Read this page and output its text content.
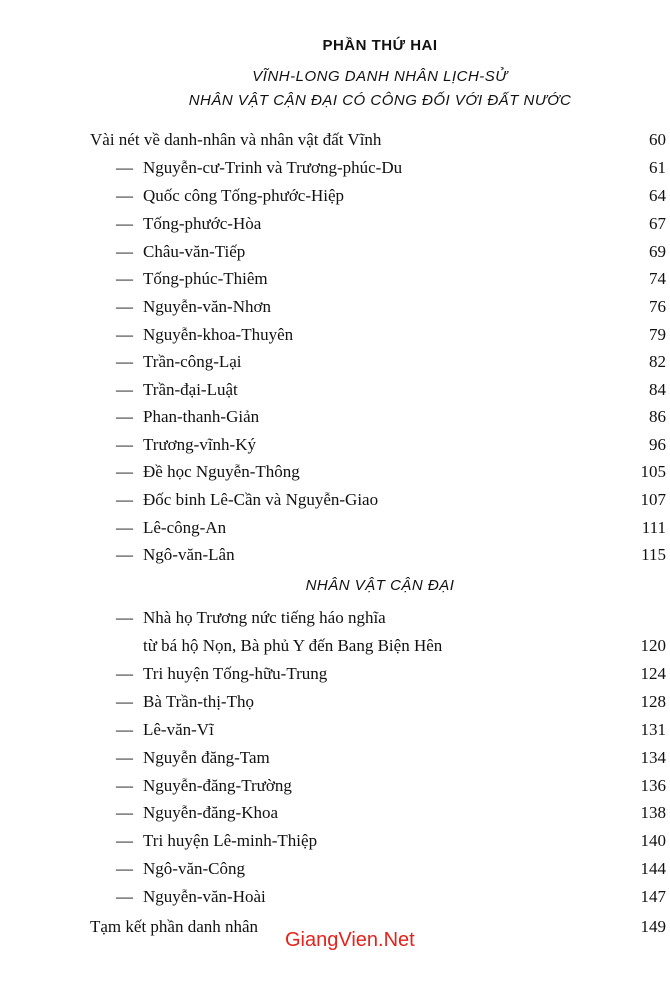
PHẦN THỨ HAI
VĨNH-LONG DANH NHÂN LỊCH-SỬ
NHÂN VẬT CẬN ĐẠI CÓ CÔNG ĐỐI VỚI ĐẤT NƯỚC
Vài nét về danh-nhân và nhân vật đất Vĩnh	60
— Nguyễn-cư-Trinh và Trương-phúc-Du	61
— Quốc công Tống-phước-Hiệp	64
— Tống-phước-Hòa	67
— Châu-văn-Tiếp	69
— Tống-phúc-Thiêm	74
— Nguyễn-văn-Nhơn	76
— Nguyễn-khoa-Thuyên	79
— Trần-công-Lại	82
— Trần-đại-Luật	84
— Phan-thanh-Giản	86
— Trương-vĩnh-Ký	96
— Đề học Nguyễn-Thông	105
— Đốc binh Lê-Cần và Nguyễn-Giao	107
— Lê-công-An	111
— Ngô-văn-Lân	115
NHÂN VẬT CẬN ĐẠI
— Nhà họ Trương nức tiếng háo nghĩa
từ bá hộ Nọn, Bà phủ Y đến Bang Biện Hên	120
— Tri huyện Tống-hữu-Trung	124
— Bà Trần-thị-Thọ	128
— Lê-văn-Vĩ	131
— Nguyễn đăng-Tam	134
— Nguyễn-đăng-Trường	136
— Nguyễn-đăng-Khoa	138
— Tri huyện Lê-minh-Thiệp	140
— Ngô-văn-Công	144
— Nguyễn-văn-Hoài	147
Tạm kết phần danh nhân	149
GiangVien.Net
